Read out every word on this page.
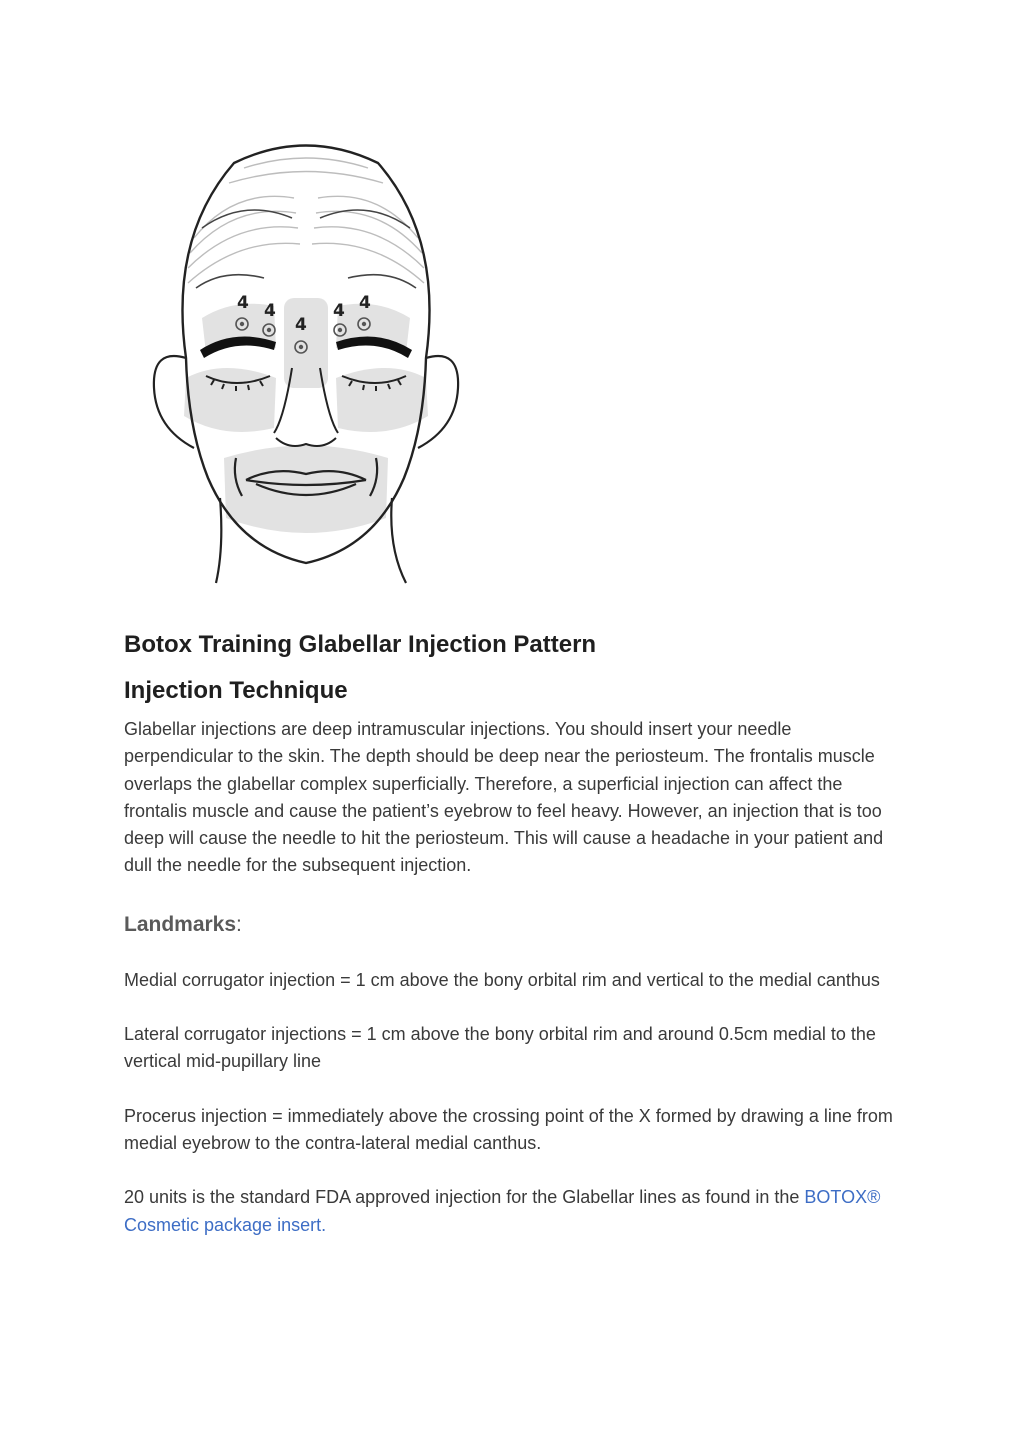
4 4
4
4 4
Botox Training Glabellar Injection Pattern
Injection Technique

Glabellar injections are deep intramuscular injections. You should insert your needle perpendicular to the skin. The depth should be deep near the periosteum. The frontalis muscle overlaps the glabellar complex superficially. Therefore, a superficial injection can affect the frontalis muscle and cause the patient’s eyebrow to feel heavy. However, an injection that is too deep will cause the needle to hit the periosteum. This will cause a headache in your patient and dull the needle for the subsequent injection.

Landmarks:

Medial corrugator injection = 1 cm above the bony orbital rim and vertical to the medial canthus

Lateral corrugator injections = 1 cm above the bony orbital rim and around 0.5cm medial to the vertical mid-pupillary line

Procerus injection = immediately above the crossing point of the X formed by drawing a line from medial eyebrow to the contra-lateral medial canthus.

20 units is the standard FDA approved injection for the Glabellar lines as found in the BOTOX® Cosmetic package insert.
